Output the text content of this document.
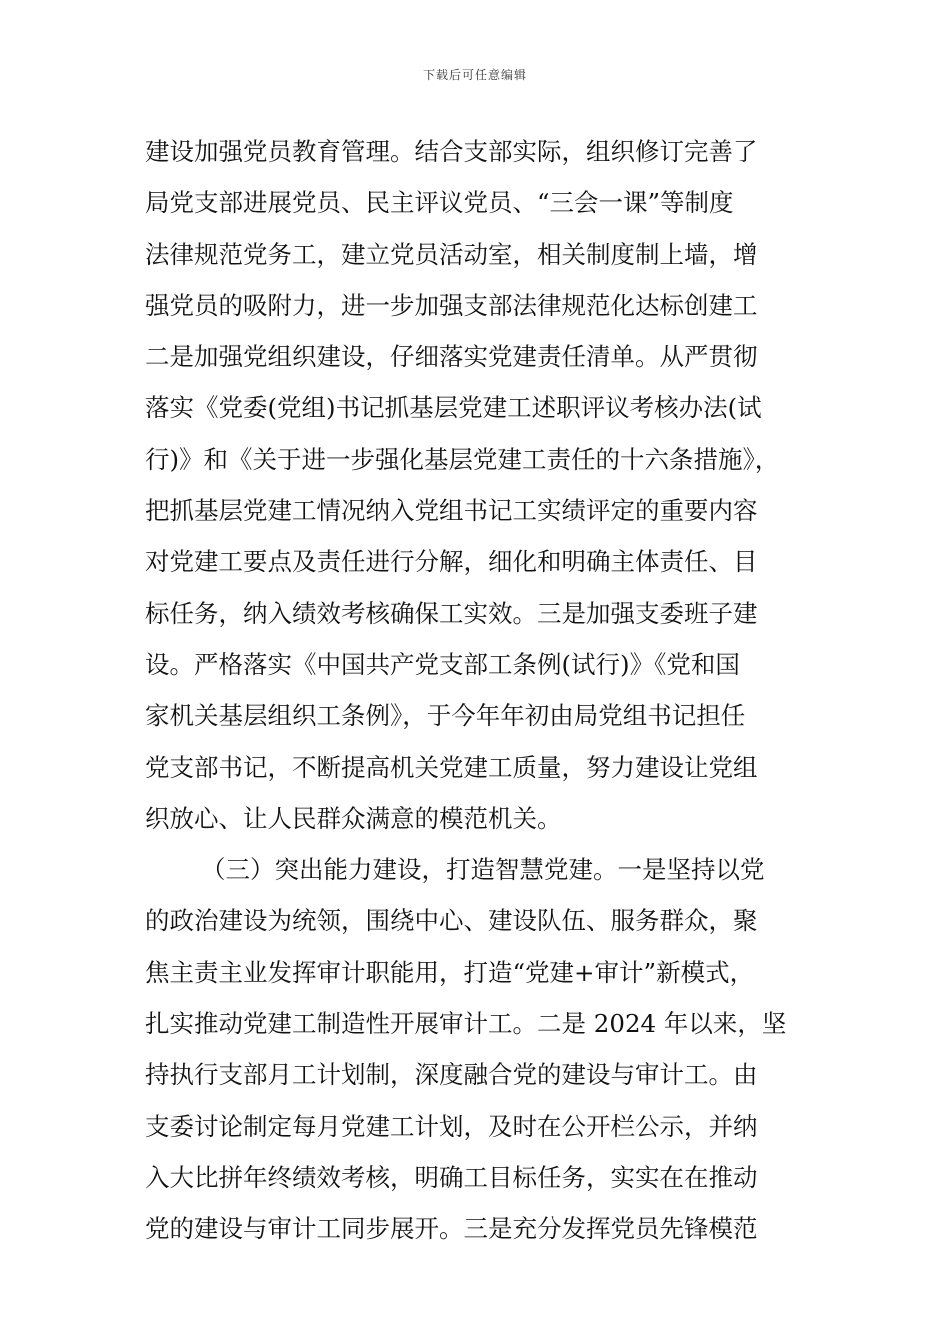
下载后可任意编辑
建设加强党员教育管理。结合支部实际，组织修订完善了
局党支部进展党员、民主评议党员、“三会一课”等制度
法律规范党务工，建立党员活动室，相关制度制上墙，增
强党员的吸附力，进一步加强支部法律规范化达标创建工
二是加强党组织建设，仔细落实党建责任清单。从严贯彻
落实《党委(党组)书记抓基层党建工述职评议考核办法(试
行)》和《关于进一步强化基层党建工责任的十六条措施》，
把抓基层党建工情况纳入党组书记工实绩评定的重要内容
对党建工要点及责任进行分解，细化和明确主体责任、目
标任务，纳入绩效考核确保工实效。三是加强支委班子建
设。严格落实《中国共产党支部工条例(试行)》《党和国
家机关基层组织工条例》，于今年年初由局党组书记担任
党支部书记，不断提高机关党建工质量，努力建设让党组
织放心、让人民群众满意的模范机关。
（三）突出能力建设，打造智慧党建。一是坚持以党
的政治建设为统领，围绕中心、建设队伍、服务群众，聚
焦主责主业发挥审计职能用，打造“党建+审计”新模式，
扎实推动党建工制造性开展审计工。二是 2024 年以来，坚
持执行支部月工计划制，深度融合党的建设与审计工。由
支委讨论制定每月党建工计划，及时在公开栏公示，并纳
入大比拼年终绩效考核，明确工目标任务，实实在在推动
党的建设与审计工同步展开。三是充分发挥党员先锋模范
